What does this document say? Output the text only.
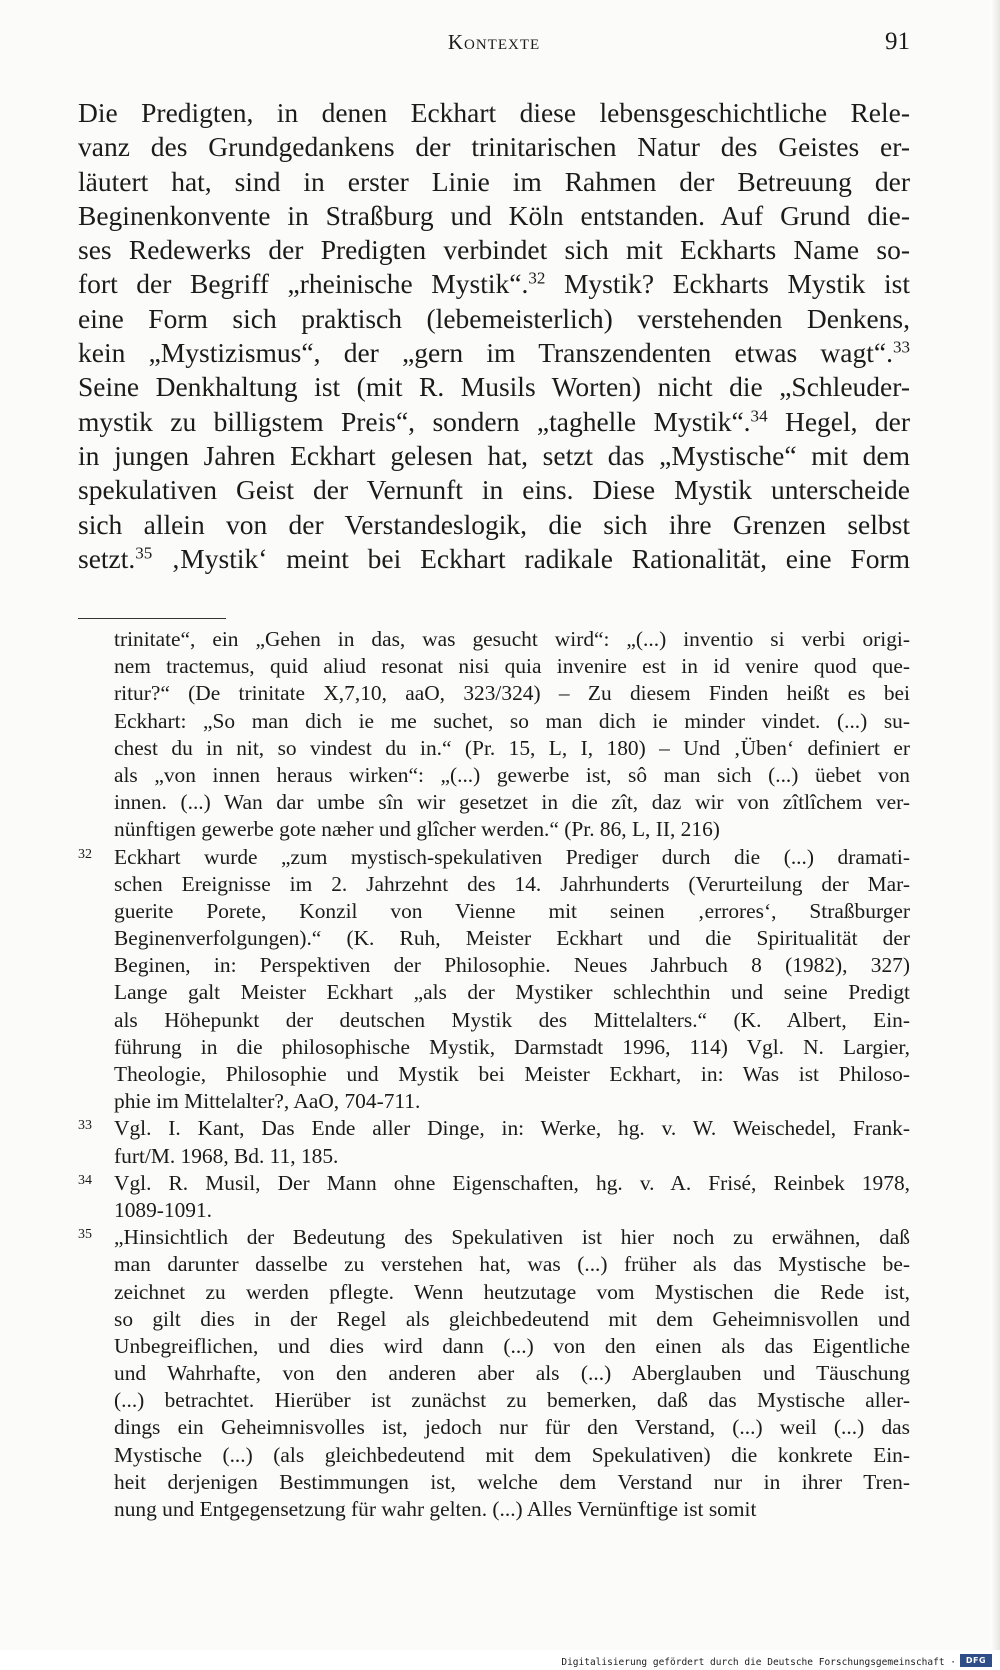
Kontexte	91
Die Predigten, in denen Eckhart diese lebensgeschichtliche Rele-
vanz des Grundgedankens der trinitarischen Natur des Geistes er-
läutert hat, sind in erster Linie im Rahmen der Betreuung der
Beginenkonvente in Straßburg und Köln entstanden. Auf Grund die-
ses Redewerks der Predigten verbindet sich mit Eckharts Name so-
fort der Begriff „rheinische Mystik“.$^{32}$ Mystik? Eckharts Mystik ist
eine Form sich praktisch (lebemeisterlich) verstehenden Denkens,
kein „Mystizismus“, der „gern im Transzendenten etwas wagt“.$^{33}$
Seine Denkhaltung ist (mit R. Musils Worten) nicht die „Schleuder-
mystik zu billigstem Preis“, sondern „taghelle Mystik“.$^{34}$ Hegel, der
in jungen Jahren Eckhart gelesen hat, setzt das „Mystische“ mit dem
spekulativen Geist der Vernunft in eins. Diese Mystik unterscheide
sich allein von der Verstandeslogik, die sich ihre Grenzen selbst
setzt.$^{35}$ ‚Mystik‘ meint bei Eckhart radikale Rationalität, eine Form
trinitate“, ein „Gehen in das, was gesucht wird“: „(...) inventio si verbi origi-
nem tractemus, quid aliud resonat nisi quia invenire est in id venire quod que-
ritur?“ (De trinitate X,7,10, aaO, 323/324) – Zu diesem Finden heißt es bei
Eckhart: „So man dich ie me suchet, so man dich ie minder vindet. (...) su-
chest du in nit, so vindest du in.“ (Pr. 15, L, I, 180) – Und ‚Üben‘ definiert er
als „von innen heraus wirken“: „(...) gewerbe ist, sô man sich (...) üebet von
innen. (...) Wan dar umbe sîn wir gesetzet in die zît, daz wir von zîtlîchem ver-
nünftigen gewerbe gote næher und glîcher werden.“ (Pr. 86, L, II, 216)
32	Eckhart wurde „zum mystisch-spekulativen Prediger durch die (...) dramati-
schen Ereignisse im 2. Jahrzehnt des 14. Jahrhunderts (Verurteilung der Mar-
guerite Porete, Konzil von Vienne mit seinen ‚errores‘, Straßburger
Beginenverfolgungen).“ (K. Ruh, Meister Eckhart und die Spiritualität der
Beginen, in: Perspektiven der Philosophie. Neues Jahrbuch 8 (1982), 327)
Lange galt Meister Eckhart „als der Mystiker schlechthin und seine Predigt
als Höhepunkt der deutschen Mystik des Mittelalters.“ (K. Albert, Ein-
führung in die philosophische Mystik, Darmstadt 1996, 114) Vgl. N. Largier,
Theologie, Philosophie und Mystik bei Meister Eckhart, in: Was ist Philoso-
phie im Mittelalter?, AaO, 704-711.
33	Vgl. I. Kant, Das Ende aller Dinge, in: Werke, hg. v. W. Weischedel, Frank-
furt/M. 1968, Bd. 11, 185.
34	Vgl. R. Musil, Der Mann ohne Eigenschaften, hg. v. A. Frisé, Reinbek 1978,
1089-1091.
35	„Hinsichtlich der Bedeutung des Spekulativen ist hier noch zu erwähnen, daß
man darunter dasselbe zu verstehen hat, was (...) früher als das Mystische be-
zeichnet zu werden pflegte. Wenn heutzutage vom Mystischen die Rede ist,
so gilt dies in der Regel als gleichbedeutend mit dem Geheimnisvollen und
Unbegreiflichen, und dies wird dann (...) von den einen als das Eigentliche
und Wahrhafte, von den anderen aber als (...) Aberglauben und Täuschung
(...) betrachtet. Hierüber ist zunächst zu bemerken, daß das Mystische aller-
dings ein Geheimnisvolles ist, jedoch nur für den Verstand, (...) weil (...) das
Mystische (...) (als gleichbedeutend mit dem Spekulativen) die konkrete Ein-
heit derjenigen Bestimmungen ist, welche dem Verstand nur in ihrer Tren-
nung und Entgegensetzung für wahr gelten. (...) Alles Vernünftige ist somit
Digitalisierung gefördert durch die Deutsche Forschungsgemeinschaft ·	DFG
